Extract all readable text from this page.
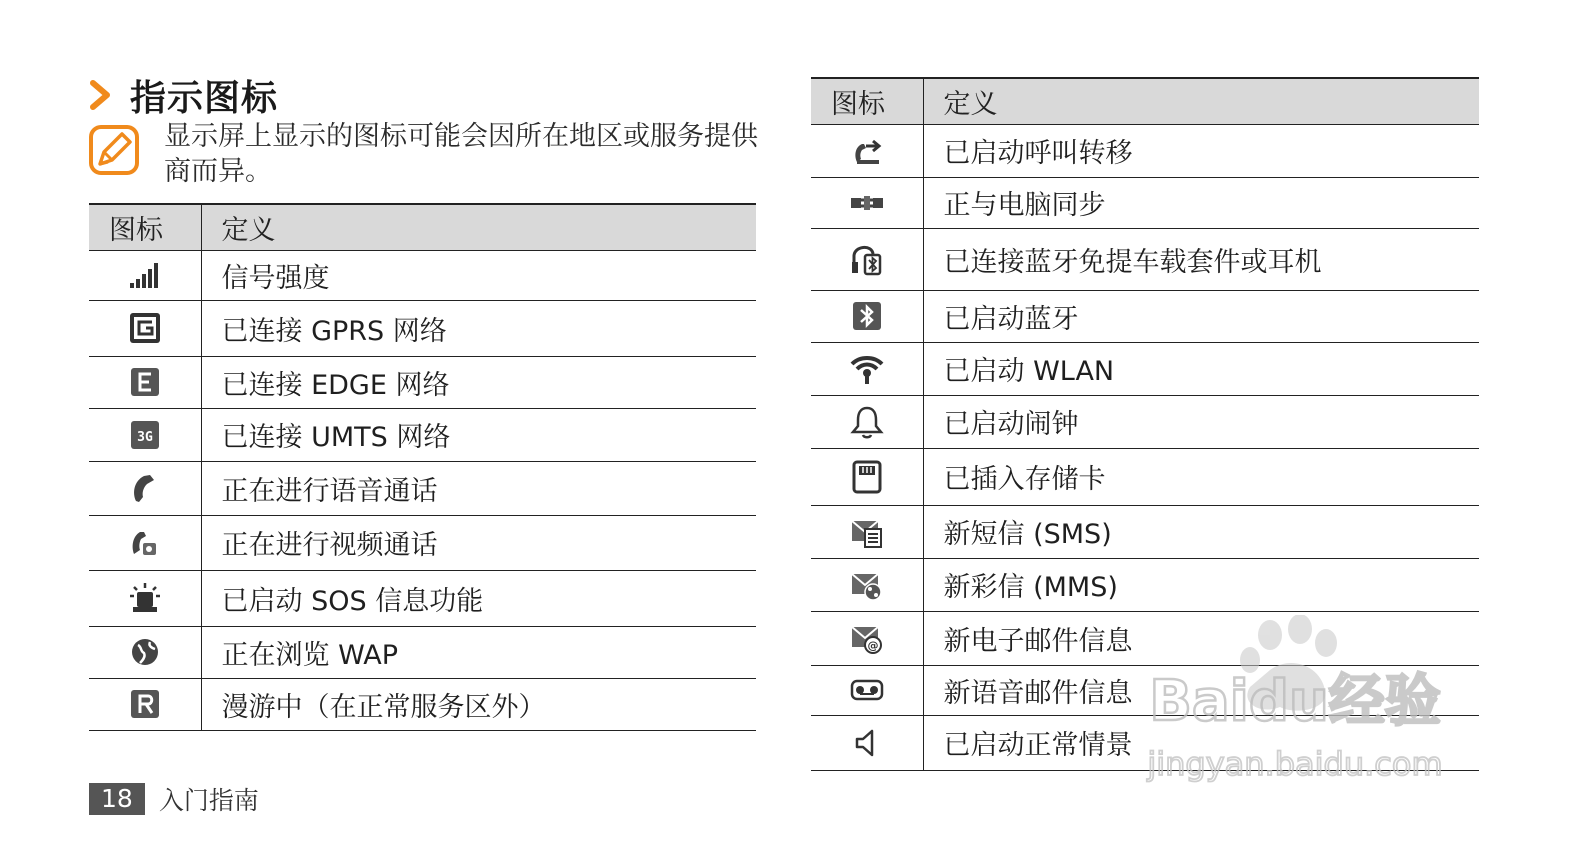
指示图标
显示屏上显示的图标可能会因所在地区或服务提供商而异。
图标	定义
	信号强度
	已连接 GPRS 网络
	已连接 EDGE 网络

3G	已连接 UMTS 网络
	正在进行语音通话
	正在进行视频通话
	已启动 SOS 信息功能
	正在浏览 WAP
	漫游中（在正常服务区外）
图标	定义
	已启动呼叫转移
	正与电脑同步
	已连接蓝牙免提车载套件或耳机
	已启动蓝牙
	已启动 WLAN
	已启动闹钟
	已插入存储卡
	新短信 (SMS)
	新彩信 (MMS)

@	新电子邮件信息
	新语音邮件信息
	已启动正常情景
18	入门指南
Baidu经验
jingyan.baidu.com
